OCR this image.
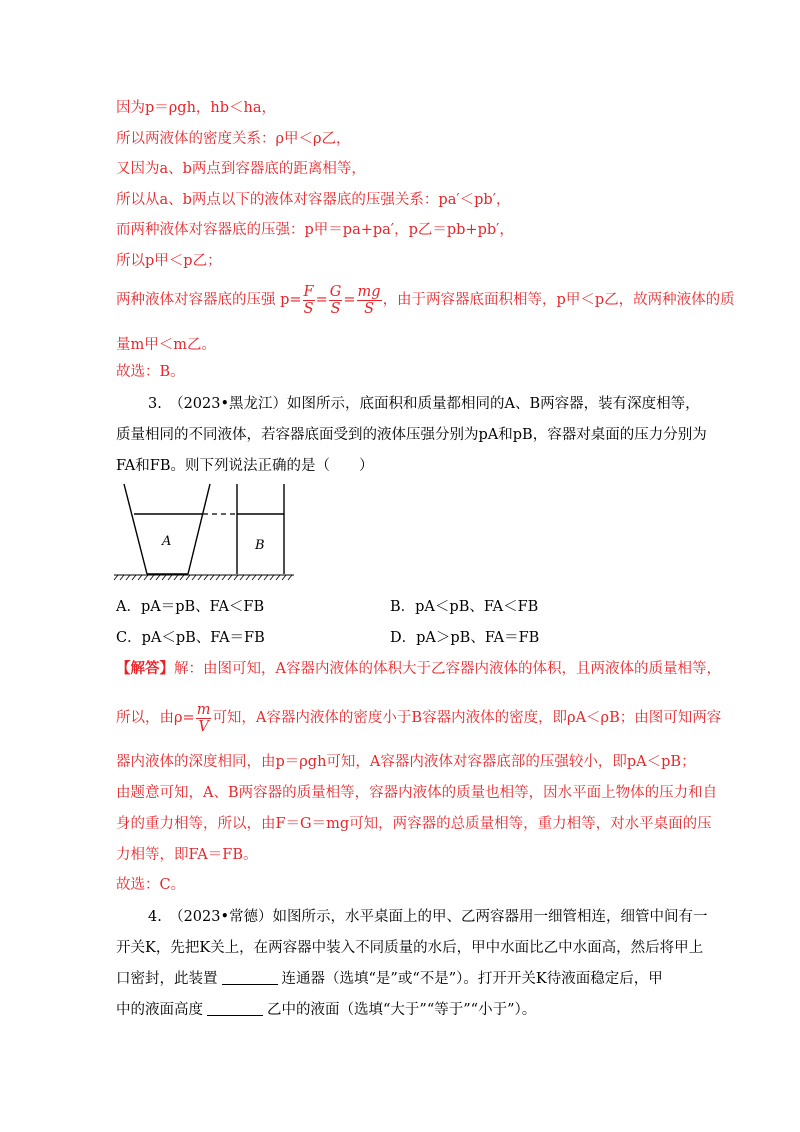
因为p＝ρgh，hb＜ha，
所以两液体的密度关系：ρ甲＜ρ乙，
又因为a、b两点到容器底的距离相等，
所以从a、b两点以下的液体对容器底的压强关系：pa′＜pb′，
而两种液体对容器底的压强：p甲＝pa+pa′，p乙＝pb+pb′，
所以p甲＜p乙；
两种液体对容器底的压强 $p= \frac{F}{S} = \frac{G}{S} = \frac{mg}{S}$ ，由于两容器底面积相等，p甲＜p乙，故两种液体的质
量m甲＜m乙。
故选：B。
3.　（2023•黑龙江）如图所示，底面积和质量都相同的A、B两容器，装有深度相等，
质量相同的不同液体，若容器底面受到的液体压强分别为pA和pB，容器对桌面的压力分别为
FA和FB。则下列说法正确的是（　　）
A	B
A．pA＝pB、FA＜FB	B．pA＜pB、FA＜FB
C．pA＜pB、FA＝FB	D．pA＞pB、FA＝FB
【解答】解：由图可知，A容器内液体的体积大于乙容器内液体的体积，且两液体的质量相等，
所以，由$\rho= \frac{m}{V}$ 可知，A容器内液体的密度小于B容器内液体的密度，即ρA＜ρB；由图可知两容
器内液体的深度相同，由p＝ρgh可知，A容器内液体对容器底部的压强较小，即pA＜pB；
由题意可知，A、B两容器的质量相等，容器内液体的质量也相等，因水平面上物体的压力和自
身的重力相等，所以，由F＝G＝mg可知，两容器的总质量相等，重力相等，对水平桌面的压
力相等，即FA＝FB。
故选：C。
4.　（2023•常德）如图所示，水平桌面上的甲、乙两容器用一细管相连，细管中间有一
开关K，先把K关上，在两容器中装入不同质量的水后，甲中水面比乙中水面高，然后将甲上
口密封，此装置	连通器（选填“是”或“不是”）。打开开关K待液面稳定后，甲
中的液面高度	乙中的液面（选填“大于”“等于”“小于”）。
